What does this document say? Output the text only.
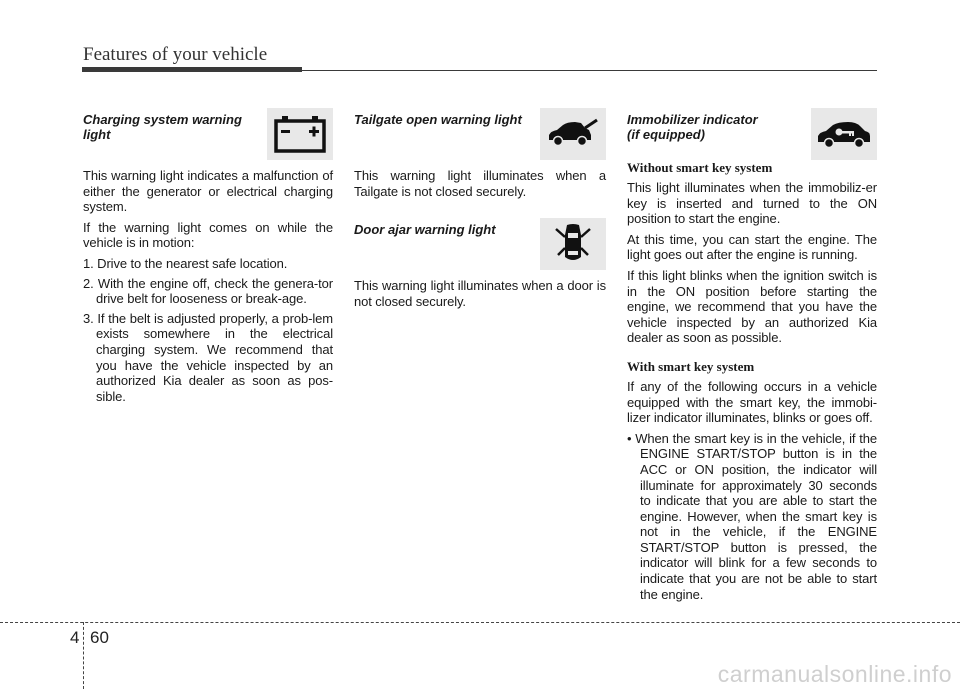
Features of your vehicle
Charging system warning light

This warning light indicates a malfunction of either the generator or electrical charging system.

If the warning light comes on while the vehicle is in motion:

1. Drive to the nearest safe location.

2. With the engine off, check the genera-tor drive belt for looseness or break-age.

3. If the belt is adjusted properly, a prob-lem exists somewhere in the electrical charging system. We recommend that you have the vehicle inspected by an authorized Kia dealer as soon as pos-sible.

Tailgate open warning light

This warning light illuminates when a Tailgate is not closed securely.

Door ajar warning light

This warning light illuminates when a door is not closed securely.

Immobilizer indicator
(if equipped)
Without smart key system

This light illuminates when the immobiliz-er key is inserted and turned to the ON position to start the engine.

At this time, you can start the engine. The light goes out after the engine is running.

If this light blinks when the ignition switch is in the ON position before starting the engine, we recommend that you have the vehicle inspected by an authorized Kia dealer as soon as possible.

With smart key system

If any of the following occurs in a vehicle equipped with the smart key, the immobi-lizer indicator illuminates, blinks or goes off.

• When the smart key is in the vehicle, if the ENGINE START/STOP button is in the ACC or ON position, the indicator will illuminate for approximately 30 seconds to indicate that you are able to start the engine. However, when the smart key is not in the vehicle, if the ENGINE START/STOP button is pressed, the indicator will blink for a few seconds to indicate that you are not be able to start the engine.

4 60
carmanualsonline.info
